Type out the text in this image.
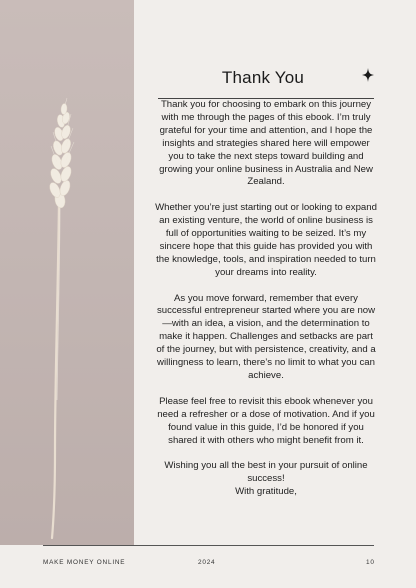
Thank You

Thank you for choosing to embark on this journey with me through the pages of this ebook. I’m truly grateful for your time and attention, and I hope the insights and strategies shared here will empower you to take the next steps toward building and growing your online business in Australia and New Zealand.

Whether you’re just starting out or looking to expand an existing venture, the world of online business is full of opportunities waiting to be seized. It’s my sincere hope that this guide has provided you with the knowledge, tools, and inspiration needed to turn your dreams into reality.

As you move forward, remember that every successful entrepreneur started where you are now—with an idea, a vision, and the determination to make it happen. Challenges and setbacks are part of the journey, but with persistence, creativity, and a willingness to learn, there’s no limit to what you can achieve.

Please feel free to revisit this ebook whenever you need a refresher or a dose of motivation. And if you found value in this guide, I’d be honored if you shared it with others who might benefit from it.

Wishing you all the best in your pursuit of online success!

With gratitude,

MAKE MONEY ONLINE	2024	10
